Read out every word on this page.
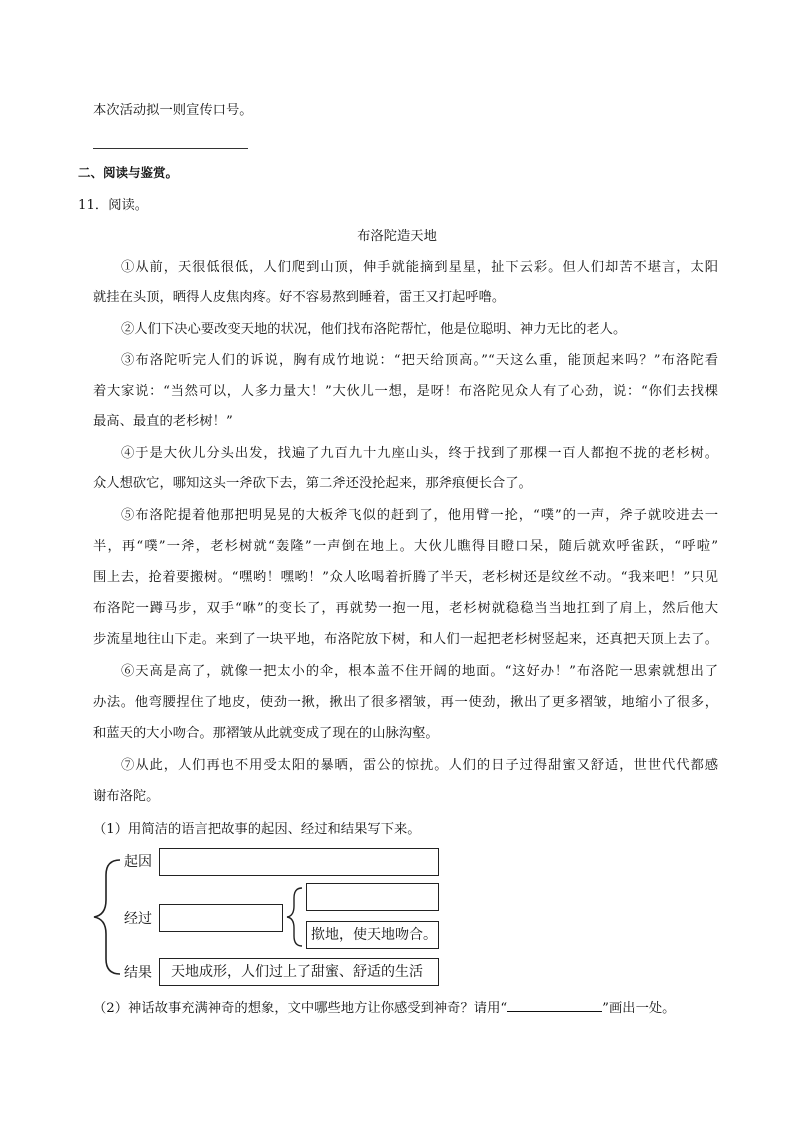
本次活动拟一则宣传口号。
二、阅读与鉴赏。
11．阅读。
布洛陀造天地
①从前，天很低很低，人们爬到山顶，伸手就能摘到星星，扯下云彩。但人们却苦不堪言，太阳
就挂在头顶，晒得人皮焦肉疼。好不容易熬到睡着，雷王又打起呼噜。
②人们下决心要改变天地的状况，他们找布洛陀帮忙，他是位聪明、神力无比的老人。
③布洛陀听完人们的诉说，胸有成竹地说：“把天给顶高。”“天这么重，能顶起来吗？”布洛陀看
着大家说：“当然可以，人多力量大！”大伙儿一想，是呀！布洛陀见众人有了心劲，说：“你们去找棵
最高、最直的老杉树！”
④于是大伙儿分头出发，找遍了九百九十九座山头，终于找到了那棵一百人都抱不拢的老杉树。
众人想砍它，哪知这头一斧砍下去，第二斧还没抡起来，那斧痕便长合了。
⑤布洛陀提着他那把明晃晃的大板斧飞似的赶到了，他用臂一抡，“噗”的一声，斧子就咬进去一
半，再“噗”一斧，老杉树就“轰隆”一声倒在地上。大伙儿瞧得目瞪口呆，随后就欢呼雀跃，“呼啦”
围上去，抢着要搬树。“嘿哟！嘿哟！”众人吆喝着折腾了半天，老杉树还是纹丝不动。“我来吧！”只见
布洛陀一蹲马步，双手“咻”的变长了，再就势一抱一甩，老杉树就稳稳当当地扛到了肩上，然后他大
步流星地往山下走。来到了一块平地，布洛陀放下树，和人们一起把老杉树竖起来，还真把天顶上去了。
⑥天高是高了，就像一把太小的伞，根本盖不住开阔的地面。“这好办！”布洛陀一思索就想出了
办法。他弯腰捏住了地皮，使劲一揪，揪出了很多褶皱，再一使劲，揪出了更多褶皱，地缩小了很多，
和蓝天的大小吻合。那褶皱从此就变成了现在的山脉沟壑。
⑦从此，人们再也不用受太阳的暴晒，雷公的惊扰。人们的日子过得甜蜜又舒适，世世代代都感
谢布洛陀。
（1）用简洁的语言把故事的起因、经过和结果写下来。
起因
经过
揿地，使天地吻合。
结果 天地成形，人们过上了甜蜜、舒适的生活
（2）神话故事充满神奇的想象，文中哪些地方让你感受到神奇？请用“	”画出一处。
